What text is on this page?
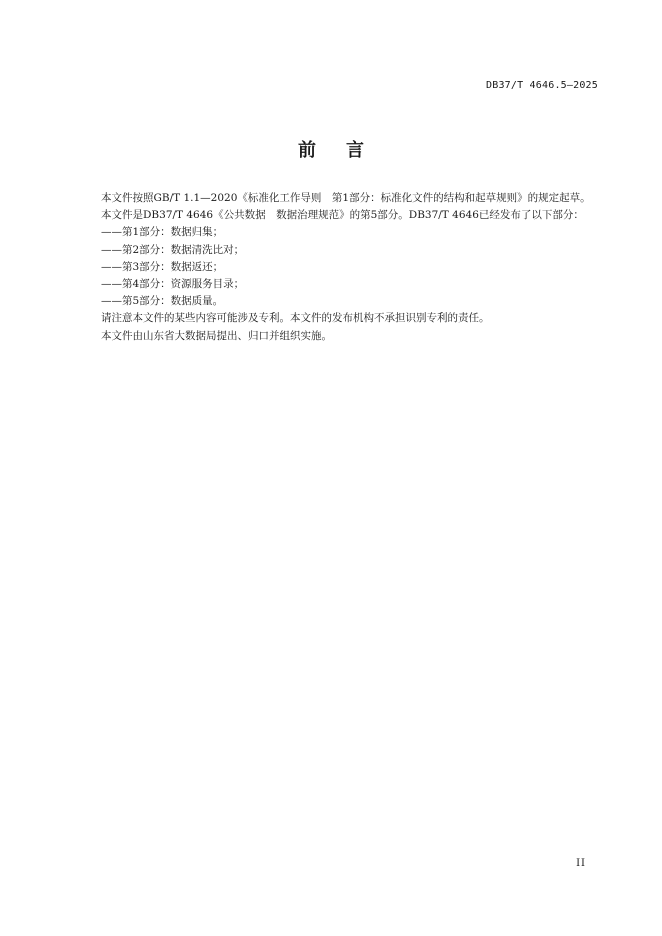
DB37/T 4646.5—2025
前言

本文件按照GB/T 1.1—2020《标准化工作导则　第1部分：标准化文件的结构和起草规则》的规定起草。

本文件是DB37/T 4646《公共数据　数据治理规范》的第5部分。DB37/T 4646已经发布了以下部分：

——第1部分：数据归集；

——第2部分：数据清洗比对；

——第3部分：数据返还；

——第4部分：资源服务目录；

——第5部分：数据质量。

请注意本文件的某些内容可能涉及专利。本文件的发布机构不承担识别专利的责任。

本文件由山东省大数据局提出、归口并组织实施。

II
